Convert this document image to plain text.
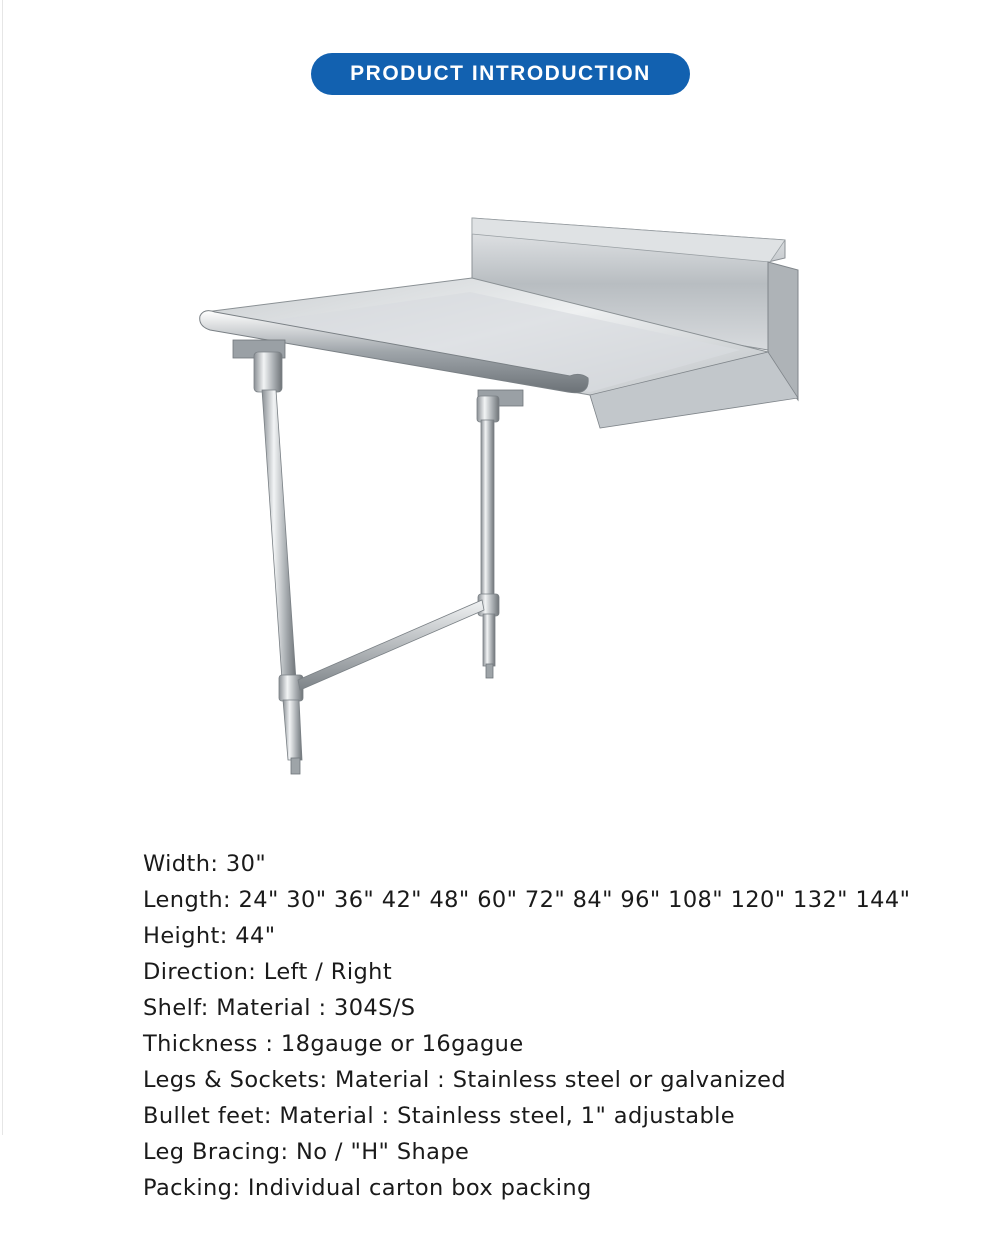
PRODUCT INTRODUCTION
Width: 30"
Length: 24" 30" 36" 42" 48" 60" 72" 84" 96" 108" 120" 132" 144"
Height: 44"
Direction: Left / Right
Shelf: Material : 304S/S
Thickness : 18gauge or 16gague
Legs & Sockets: Material : Stainless steel or galvanized
Bullet feet: Material : Stainless steel, 1" adjustable
Leg Bracing: No / "H" Shape
Packing: Individual carton box packing
